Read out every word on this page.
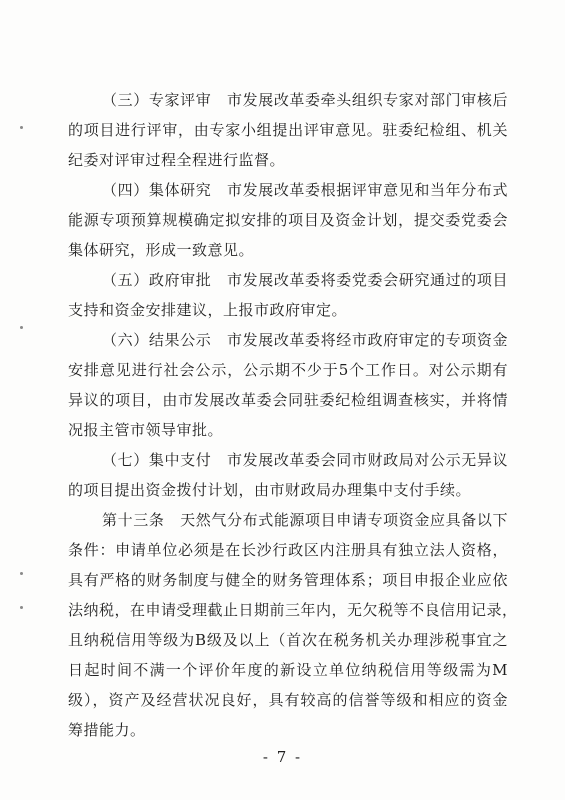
（三）专家评审　市发展改革委牵头组织专家对部门审核后
的项目进行评审，由专家小组提出评审意见。驻委纪检组、机关
纪委对评审过程全程进行监督。
（四）集体研究　市发展改革委根据评审意见和当年分布式
能源专项预算规模确定拟安排的项目及资金计划，提交委党委会
集体研究，形成一致意见。
（五）政府审批　市发展改革委将委党委会研究通过的项目
支持和资金安排建议，上报市政府审定。
（六）结果公示　市发展改革委将经市政府审定的专项资金
安排意见进行社会公示，公示期不少于5个工作日。对公示期有
异议的项目，由市发展改革委会同驻委纪检组调查核实，并将情
况报主管市领导审批。
（七）集中支付　市发展改革委会同市财政局对公示无异议
的项目提出资金拨付计划，由市财政局办理集中支付手续。
第十三条　天然气分布式能源项目申请专项资金应具备以下
条件：申请单位必须是在长沙行政区内注册具有独立法人资格，
具有严格的财务制度与健全的财务管理体系；项目申报企业应依
法纳税，在申请受理截止日期前三年内，无欠税等不良信用记录，
且纳税信用等级为B级及以上（首次在税务机关办理涉税事宜之
日起时间不满一个评价年度的新设立单位纳税信用等级需为M
级），资产及经营状况良好，具有较高的信誉等级和相应的资金
筹措能力。
- 7 -
